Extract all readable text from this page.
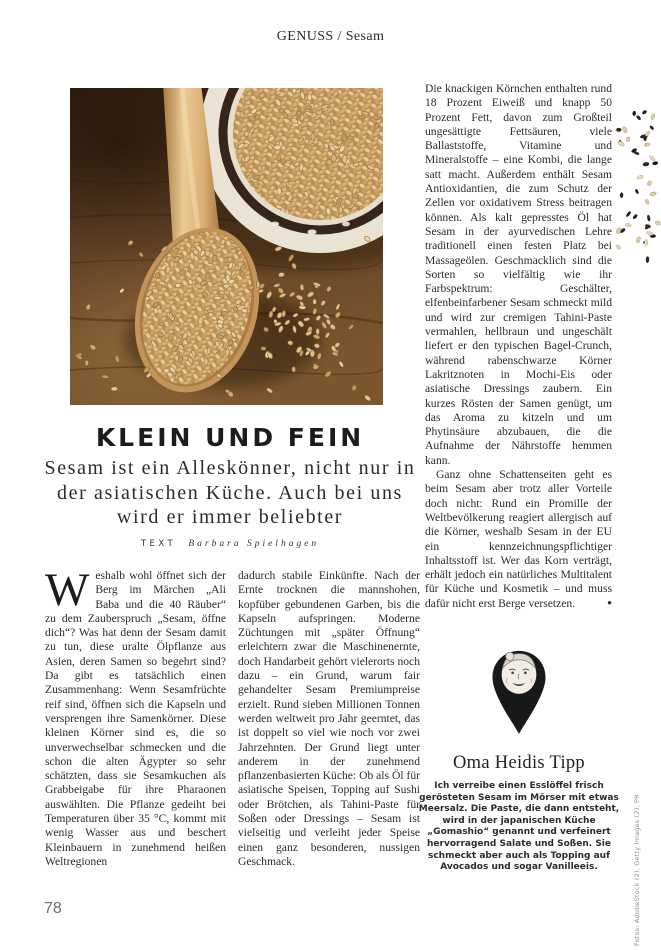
GENUSS / Sesam
KLEIN UND FEIN
Sesam ist ein Alleskönner, nicht nur in der asiatischen Küche. Auch bei uns wird er immer beliebter
TEXT Barbara Spielhagen
Weshalb wohl öffnet sich der Berg im Märchen „Ali Baba und die 40 Räuber“ zu dem Zauberspruch „Sesam, öffne dich“? Was hat denn der Sesam damit zu tun, diese uralte Ölpflanze aus Asien, deren Samen so begehrt sind? Da gibt es tatsächlich einen Zusammenhang: Wenn Sesamfrüchte reif sind, öffnen sich die Kapseln und versprengen ihre Samenkörner. Diese kleinen Körner sind es, die so unverwechselbar schmecken und die schon die alten Ägypter so sehr schätzten, dass sie Sesamkuchen als Grabbeigabe für ihre Pharaonen auswählten. Die Pflanze gedeiht bei Temperaturen über 35 °C, kommt mit wenig Wasser aus und beschert Kleinbauern in zunehmend heißen Weltregionen
dadurch stabile Einkünfte. Nach der Ernte trocknen die mannshohen, kopfüber gebundenen Garben, bis die Kapseln aufspringen. Moderne Züchtungen mit „später Öffnung“ erleichtern zwar die Maschinenernte, doch Handarbeit gehört vielerorts noch dazu – ein Grund, warum fair gehandelter Sesam Premiumpreise erzielt. Rund sieben Millionen Tonnen werden weltweit pro Jahr geerntet, das ist doppelt so viel wie noch vor zwei Jahrzehnten. Der Grund liegt unter anderem in der zunehmend pflanzenbasierten Küche: Ob als Öl für asiatische Speisen, Topping auf Sushi oder Brötchen, als Tahini-Paste für Soßen oder Dressings – Sesam ist vielseitig und verleiht jeder Speise einen ganz besonderen, nussigen Geschmack.
Die knackigen Körnchen enthalten rund 18 Prozent Eiweiß und knapp 50 Prozent Fett, davon zum Großteil ungesättigte Fettsäuren, viele Ballaststoffe, Vitamine und Mineralstoffe – eine Kombi, die lange satt macht. Außerdem enthält Sesam Antioxidantien, die zum Schutz der Zellen vor oxidativem Stress beitragen können. Als kalt gepresstes Öl hat Sesam in der ayurvedischen Lehre traditionell einen festen Platz bei Massageölen. Geschmacklich sind die Sorten so vielfältig wie ihr Farbspektrum: Geschälter, elfenbeinfarbener Sesam schmeckt mild und wird zur cremigen Tahini-Paste vermahlen, hellbraun und ungeschält liefert er den typischen Bagel-Crunch, während rabenschwarze Körner Lakritznoten in Mochi-Eis oder asiatische Dressings zaubern. Ein kurzes Rösten der Samen genügt, um das Aroma zu kitzeln und um Phytinsäure abzubauen, die die Aufnahme der Nährstoffe hemmen kann.
Ganz ohne Schattenseiten geht es beim Sesam aber trotz aller Vorteile doch nicht: Rund ein Promille der Weltbevölkerung reagiert allergisch auf die Körner, weshalb Sesam in der EU ein kennzeichnungspflichtiger Inhaltsstoff ist. Wer das Korn verträgt, erhält jedoch ein natürliches Multitalent für Küche und Kosmetik – und muss dafür nicht erst Berge versetzen.	●
Oma Heidis Tipp
Ich verreibe einen Esslöffel frisch gerösteten Sesam im Mörser mit etwas Meersalz. Die Paste, die dann entsteht, wird in der japanischen Küche „Gomashio“ genannt und verfeinert hervorragend Salate und Soßen. Sie schmeckt aber auch als Topping auf Avocados und sogar Vanilleeis.	Fotos: AdobeStock (2), Getty Images (2), PR
78
